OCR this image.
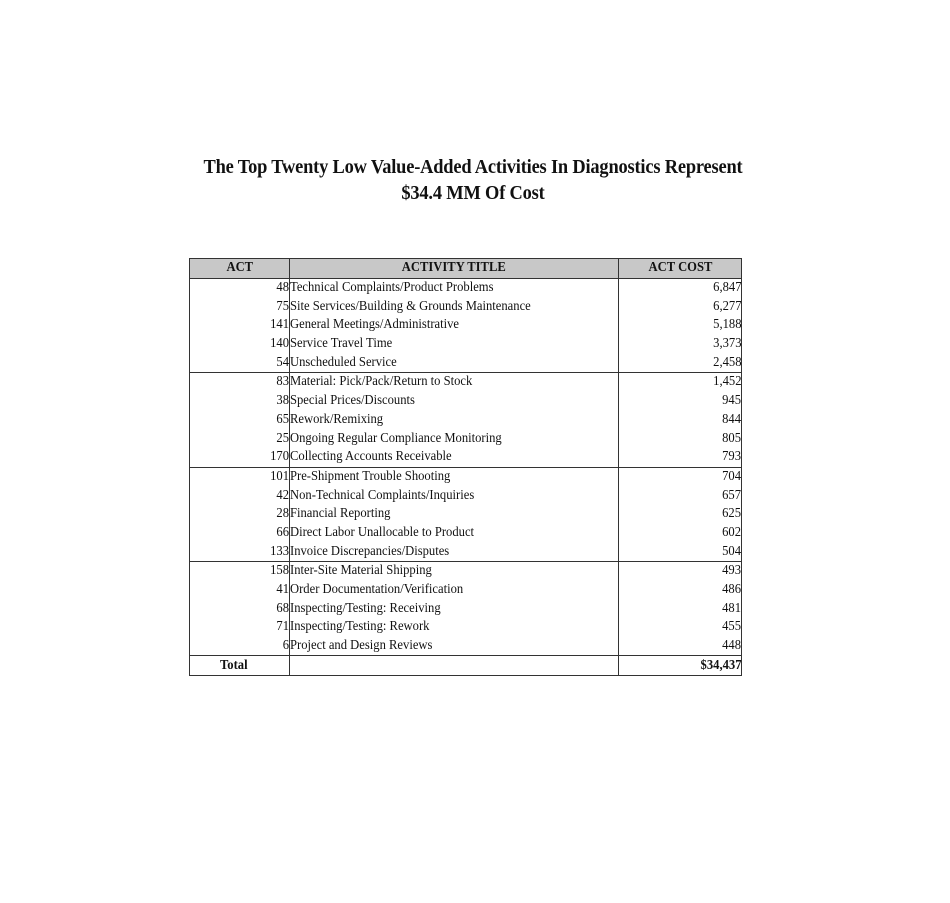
The Top Twenty Low Value-Added Activities In Diagnostics Represent
$34.4 MM Of Cost
ACT	ACTIVITY TITLE	ACT COST
48	Technical Complaints/Product Problems	6,847
75	Site Services/Building & Grounds Maintenance	6,277
141	General Meetings/Administrative	5,188
140	Service Travel Time	3,373
54	Unscheduled Service	2,458
83	Material: Pick/Pack/Return to Stock	1,452
38	Special Prices/Discounts	945
65	Rework/Remixing	844
25	Ongoing Regular Compliance Monitoring	805
170	Collecting Accounts Receivable	793
101	Pre-Shipment Trouble Shooting	704
42	Non-Technical Complaints/Inquiries	657
28	Financial Reporting	625
66	Direct Labor Unallocable to Product	602
133	Invoice Discrepancies/Disputes	504
158	Inter-Site Material Shipping	493
41	Order Documentation/Verification	486
68	Inspecting/Testing: Receiving	481
71	Inspecting/Testing: Rework	455
6	Project and Design Reviews	448
Total		$34,437
